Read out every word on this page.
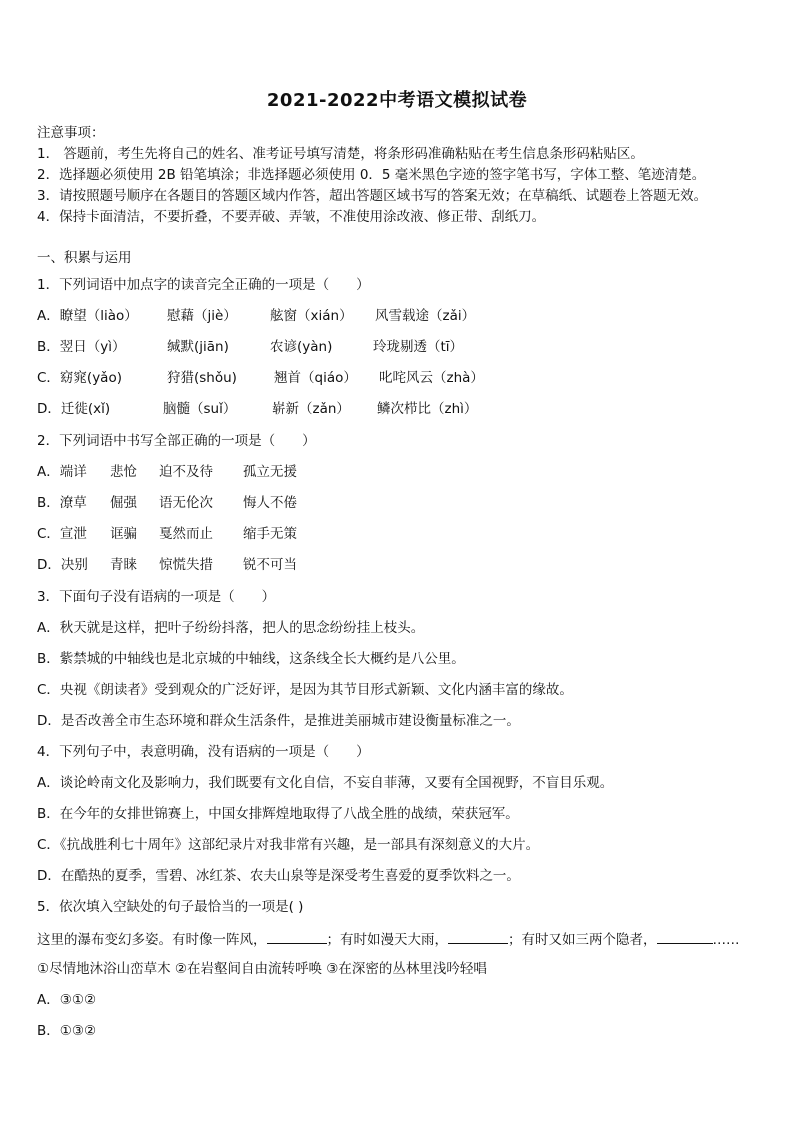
2021-2022中考语文模拟试卷
注意事项：
1． 答题前，考生先将自己的姓名、准考证号填写清楚，将条形码准确粘贴在考生信息条形码粘贴区。
2．选择题必须使用 2B 铅笔填涂；非选择题必须使用 0．5 毫米黑色字迹的签字笔书写，字体工整、笔迹清楚。
3．请按照题号顺序在各题目的答题区域内作答，超出答题区域书写的答案无效；在草稿纸、试题卷上答题无效。
4．保持卡面清洁，不要折叠，不要弄破、弄皱，不准使用涂改液、修正带、刮纸刀。
一、积累与运用
1．下列词语中加点字的读音完全正确的一项是（　　）
A．瞭望（liào） 慰藉（jiè） 舷窗（xián） 风雪载途（zǎi）
B．翌日（yì）	缄默(jiān)	农谚(yàn)	玲珑剔透（tī）
C．窈窕(yǎo)	狩猎(shǒu)	翘首（qiáo） 叱咤风云（zhà）
D．迁徙(xǐ)	脑髓（suǐ）	崭新（zǎn） 鳞次栉比（zhì）
2．下列词语中书写全部正确的一项是（　　）
A．端详 悲怆 迫不及待 孤立无援
B．潦草 倔强 语无伦次 悔人不倦
C．宣泄 诓骗 戛然而止 缩手无策
D．决别 青睐 惊慌失措 锐不可当
3．下面句子没有语病的一项是（　　）
A．秋天就是这样，把叶子纷纷抖落，把人的思念纷纷挂上枝头。
B．紫禁城的中轴线也是北京城的中轴线，这条线全长大概约是八公里。
C．央视《朗读者》受到观众的广泛好评，是因为其节目形式新颖、文化内涵丰富的缘故。
D．是否改善全市生态环境和群众生活条件，是推进美丽城市建设衡量标准之一。
4．下列句子中，表意明确，没有语病的一项是（　　）
A．谈论岭南文化及影响力，我们既要有文化自信，不妄自菲薄，又要有全国视野，不盲目乐观。
B．在今年的女排世锦赛上，中国女排辉煌地取得了八战全胜的战绩，荣获冠军。
C．《抗战胜利七十周年》这部纪录片对我非常有兴趣，是一部具有深刻意义的大片。
D．在酷热的夏季，雪碧、冰红茶、农夫山泉等是深受考生喜爱的夏季饮料之一。
5．依次填入空缺处的句子最恰当的一项是( )
这里的瀑布变幻多姿。有时像一阵风，	；有时如漫天大雨，	；有时又如三两个隐者，	……
①尽情地沐浴山峦草木 ②在岩壑间自由流转呼唤 ③在深密的丛林里浅吟轻唱
A．③①②
B．①③②
